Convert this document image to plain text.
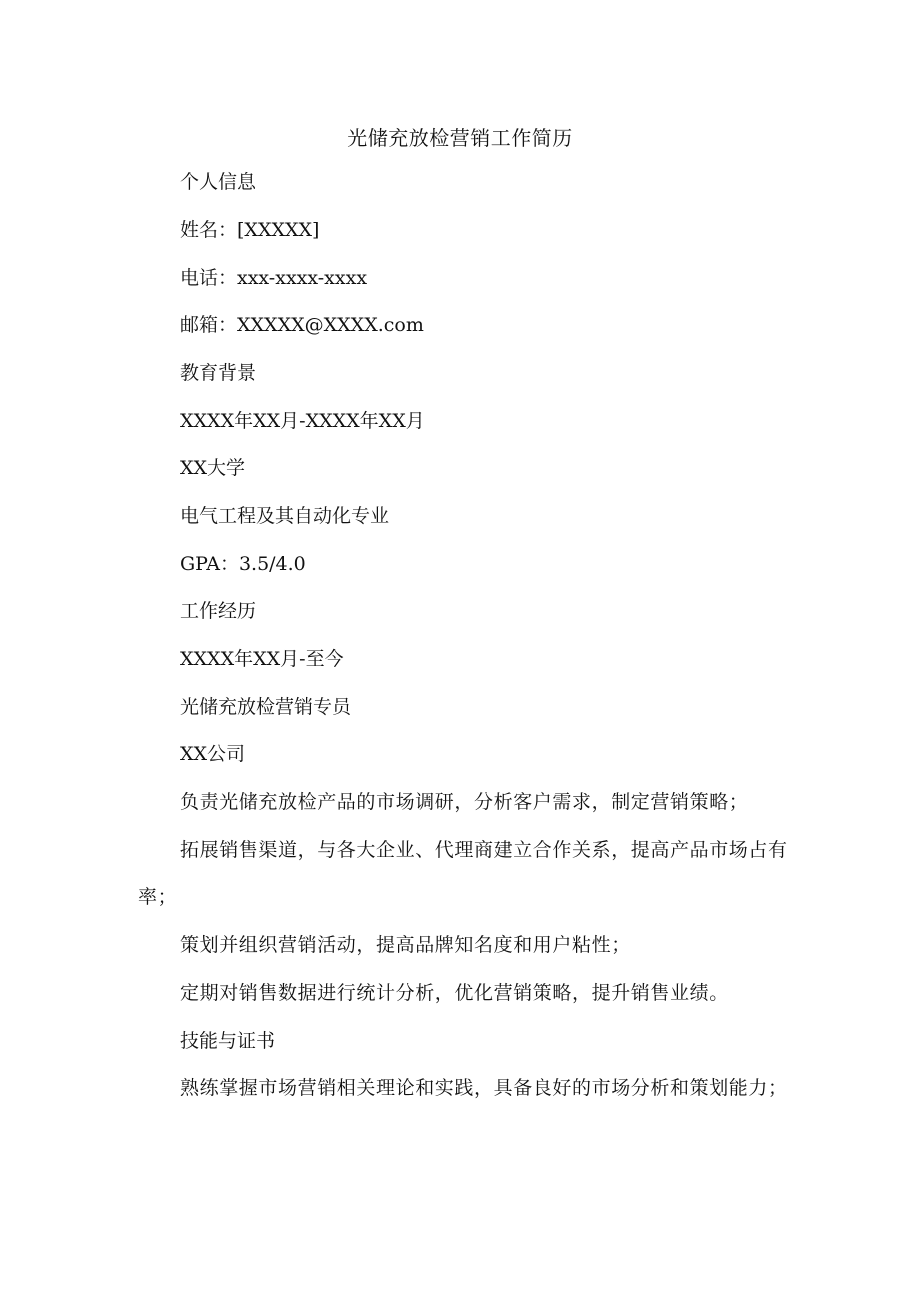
光储充放检营销工作简历
个人信息
姓名：[XXXXX]
电话：xxx-xxxx-xxxx
邮箱：XXXXX@XXXX.com
教育背景
XXXX年XX月-XXXX年XX月
XX大学
电气工程及其自动化专业
GPA：3.5/4.0
工作经历
XXXX年XX月-至今
光储充放检营销专员
XX公司
负责光储充放检产品的市场调研，分析客户需求，制定营销策略；
拓展销售渠道，与各大企业、代理商建立合作关系，提高产品市场占有率；
策划并组织营销活动，提高品牌知名度和用户粘性；
定期对销售数据进行统计分析，优化营销策略，提升销售业绩。
技能与证书
熟练掌握市场营销相关理论和实践，具备良好的市场分析和策划能力；
